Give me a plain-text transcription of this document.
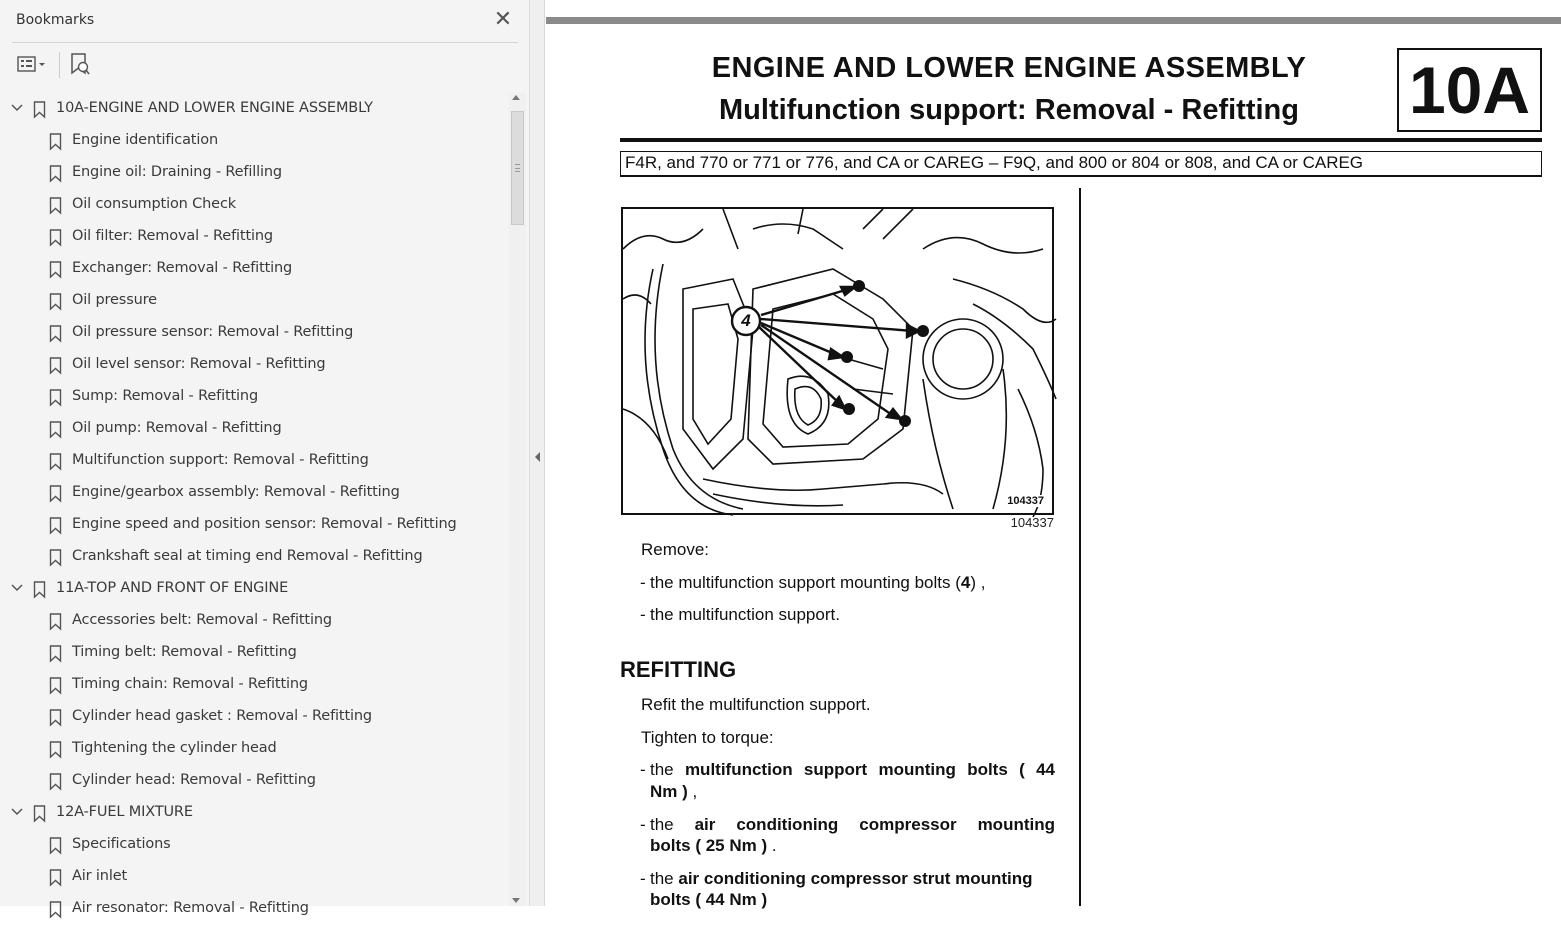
Bookmarks	✕
10A-ENGINE AND LOWER ENGINE ASSEMBLY
Engine identification
Engine oil: Draining - Refilling
Oil consumption Check
Oil filter: Removal - Refitting
Exchanger: Removal - Refitting
Oil pressure
Oil pressure sensor: Removal - Refitting
Oil level sensor: Removal - Refitting
Sump: Removal - Refitting
Oil pump: Removal - Refitting
Multifunction support: Removal - Refitting
Engine/gearbox assembly: Removal - Refitting
Engine speed and position sensor: Removal - Refitting
Crankshaft seal at timing end Removal - Refitting
11A-TOP AND FRONT OF ENGINE
Accessories belt: Removal - Refitting
Timing belt: Removal - Refitting
Timing chain: Removal - Refitting
Cylinder head gasket : Removal - Refitting
Tightening the cylinder head
Cylinder head: Removal - Refitting
12A-FUEL MIXTURE
Specifications
Air inlet
Air resonator: Removal - Refitting
ENGINE AND LOWER ENGINE ASSEMBLY
Multifunction support: Removal - Refitting	10A
F4R, and 770 or 771 or 776, and CA or CAREG – F9Q, and 800 or 804 or 808, and CA or CAREG
4
104337
104337
Remove:
- the multifunction support mounting bolts (4) ,
- the multifunction support.
REFITTING
Refit the multifunction support.
Tighten to torque:
- the multifunction support mounting bolts ( 44
Nm ) ,
- the air conditioning compressor mounting
bolts ( 25 Nm ) .
- the air conditioning compressor strut mounting
bolts ( 44 Nm )
